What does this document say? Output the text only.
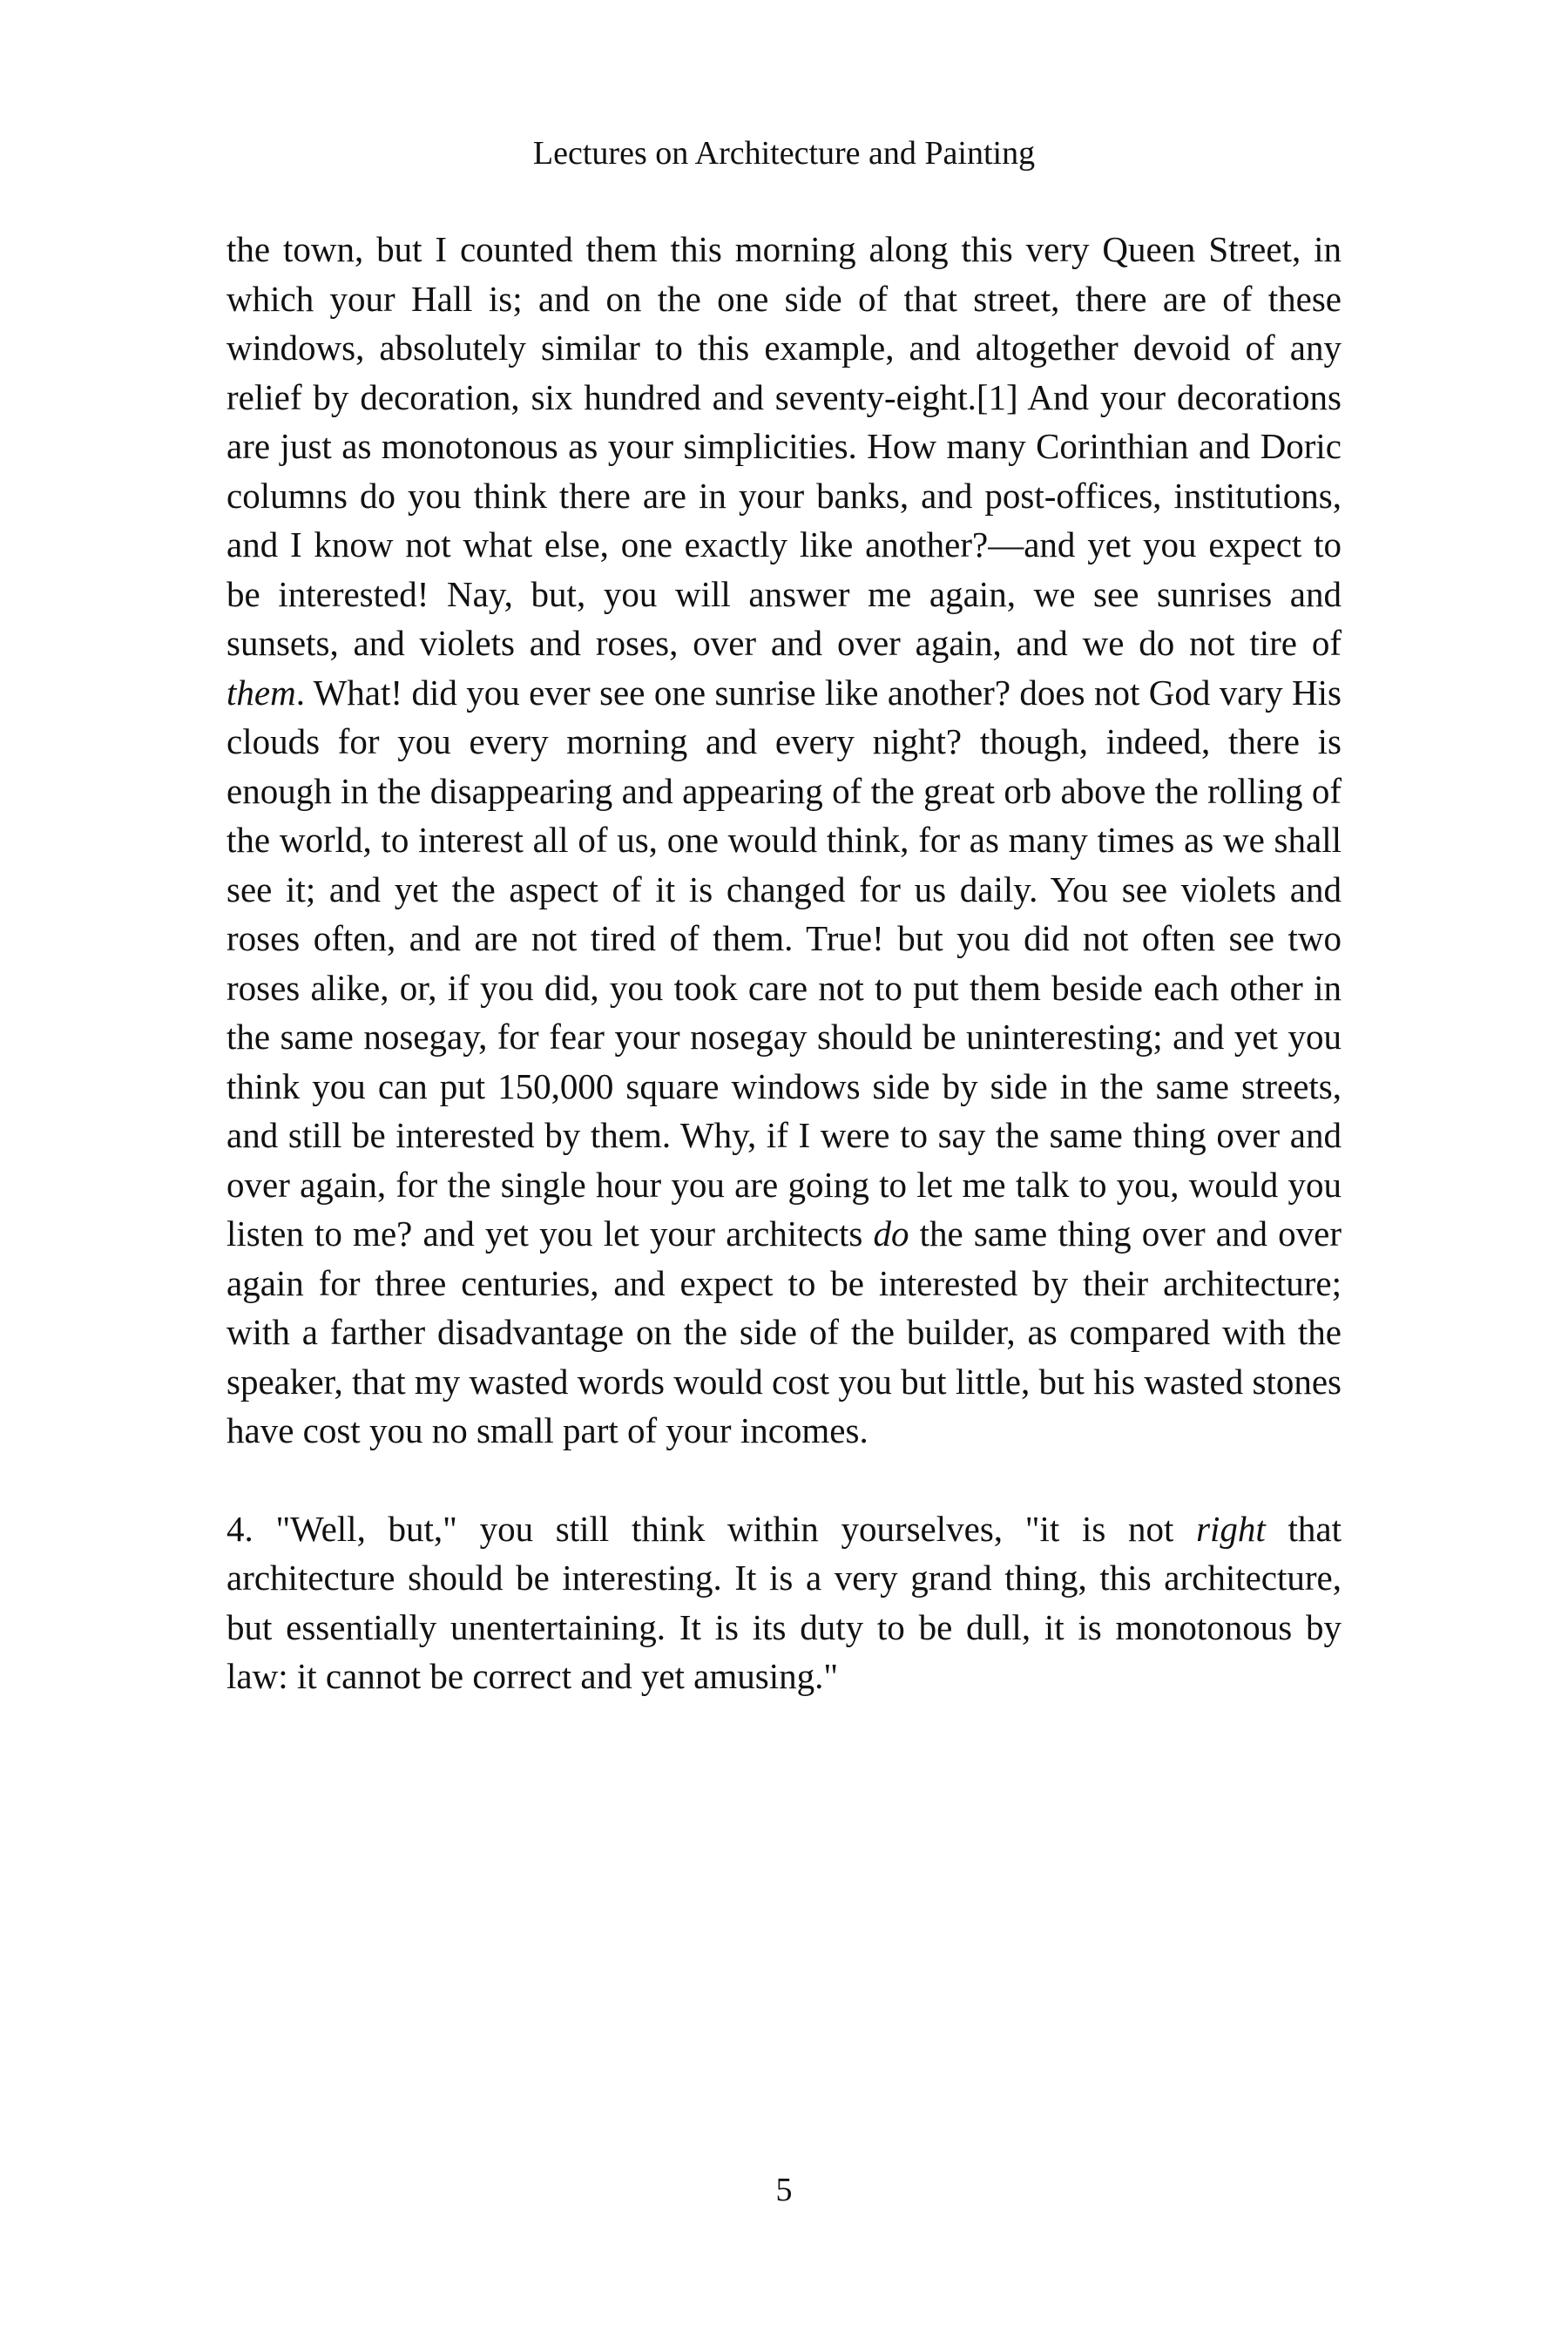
Lectures on Architecture and Painting

the town, but I counted them this morning along this very Queen Street, in which your Hall is; and on the one side of that street, there are of these windows, absolutely similar to this example, and altogether devoid of any relief by decoration, six hundred and seventy-eight.[1] And your decorations are just as monotonous as your simplicities. How many Corinthian and Doric columns do you think there are in your banks, and post-offices, institutions, and I know not what else, one exactly like another?—and yet you expect to be interested! Nay, but, you will answer me again, we see sunrises and sunsets, and violets and roses, over and over again, and we do not tire of them. What! did you ever see one sunrise like another? does not God vary His clouds for you every morning and every night? though, indeed, there is enough in the disappearing and appearing of the great orb above the rolling of the world, to interest all of us, one would think, for as many times as we shall see it; and yet the aspect of it is changed for us daily. You see violets and roses often, and are not tired of them. True! but you did not often see two roses alike, or, if you did, you took care not to put them beside each other in the same nosegay, for fear your nosegay should be uninteresting; and yet you think you can put 150,000 square windows side by side in the same streets, and still be interested by them. Why, if I were to say the same thing over and over again, for the single hour you are going to let me talk to you, would you listen to me? and yet you let your architects do the same thing over and over again for three centuries, and expect to be interested by their architecture; with a farther disadvantage on the side of the builder, as compared with the speaker, that my wasted words would cost you but little, but his wasted stones have cost you no small part of your incomes.

4. "Well, but," you still think within yourselves, "it is not right that architecture should be interesting. It is a very grand thing, this architecture, but essentially unentertaining. It is its duty to be dull, it is monotonous by law: it cannot be correct and yet amusing."

5
